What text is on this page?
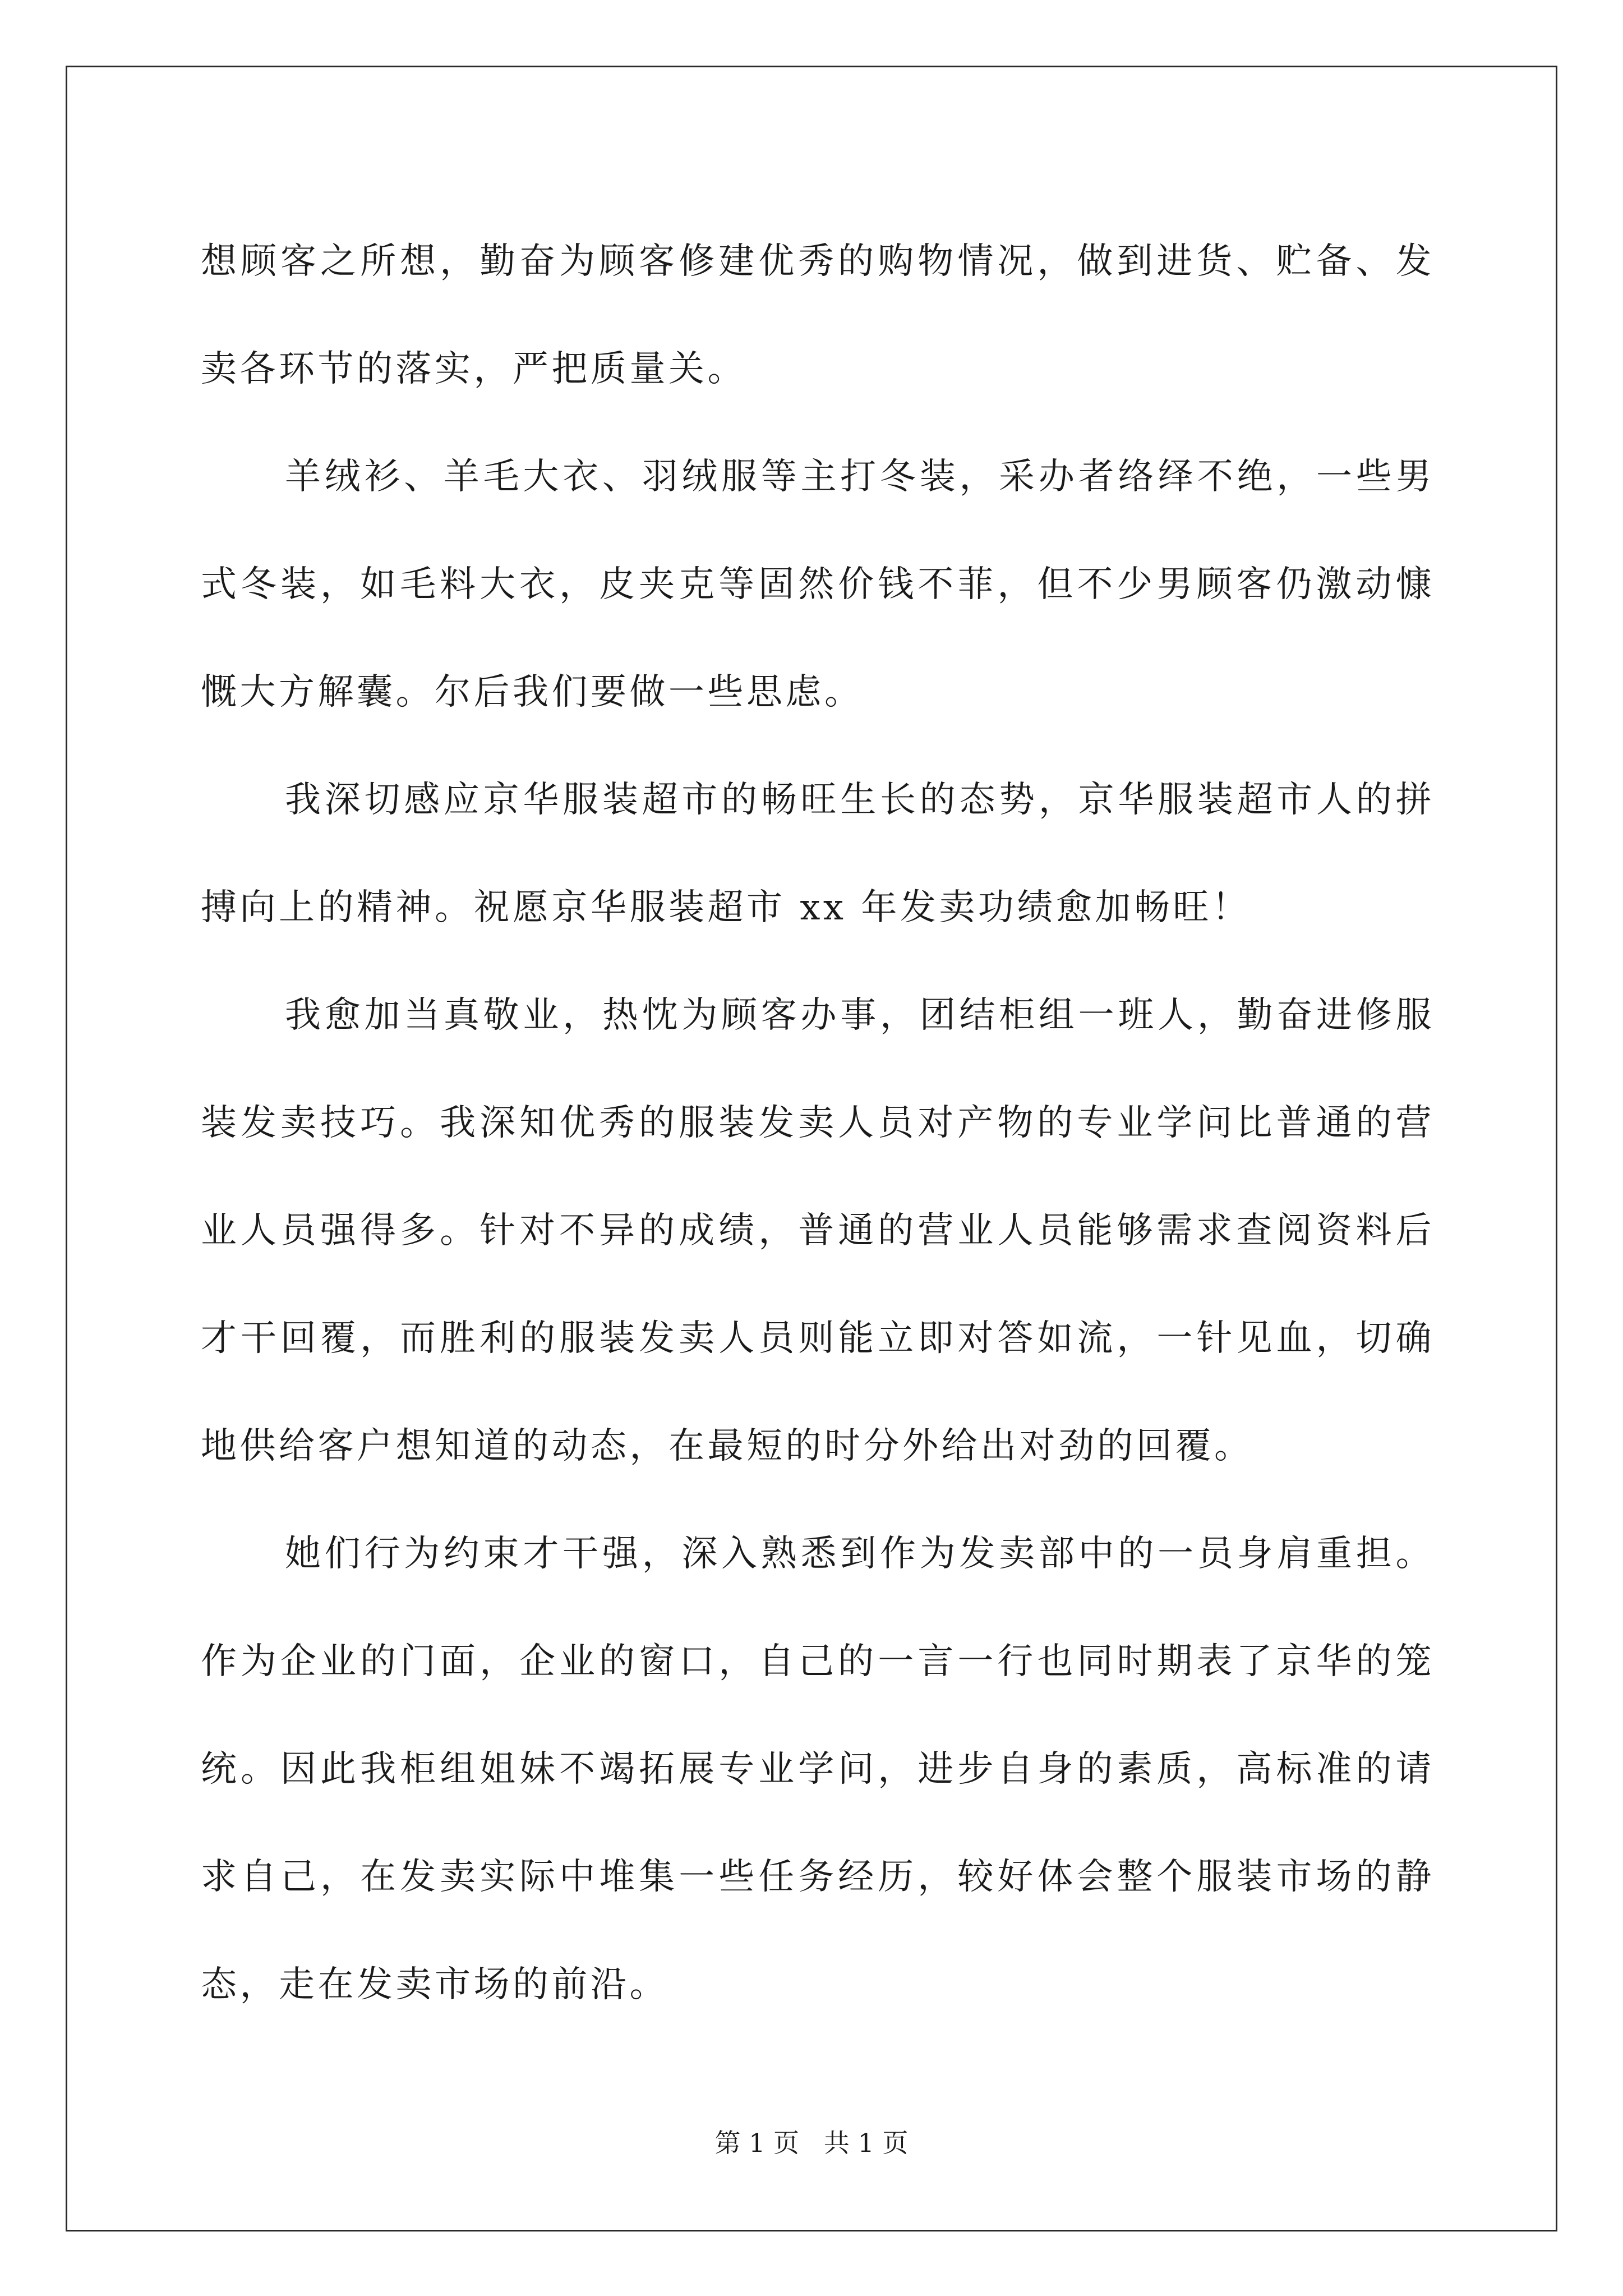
想顾客之所想，勤奋为顾客修建优秀的购物情况，做到进货、贮备、发卖各环节的落实，严把质量关。

羊绒衫、羊毛大衣、羽绒服等主打冬装，采办者络绎不绝，一些男式冬装，如毛料大衣，皮夹克等固然价钱不菲，但不少男顾客仍激动慷慨大方解囊。尔后我们要做一些思虑。

我深切感应京华服装超市的畅旺生长的态势，京华服装超市人的拼搏向上的精神。祝愿京华服装超市 xx 年发卖功绩愈加畅旺！

我愈加当真敬业，热忱为顾客办事，团结柜组一班人，勤奋进修服装发卖技巧。我深知优秀的服装发卖人员对产物的专业学问比普通的营业人员强得多。针对不异的成绩，普通的营业人员能够需求查阅资料后才干回覆，而胜利的服装发卖人员则能立即对答如流，一针见血，切确地供给客户想知道的动态，在最短的时分外给出对劲的回覆。

她们行为约束才干强，深入熟悉到作为发卖部中的一员身肩重担。作为企业的门面，企业的窗口，自己的一言一行也同时期表了京华的笼统。因此我柜组姐妹不竭拓展专业学问，进步自身的素质，高标准的请求自己，在发卖实际中堆集一些任务经历，较好体会整个服装市场的静态，走在发卖市场的前沿。

第 1 页   共 1 页
